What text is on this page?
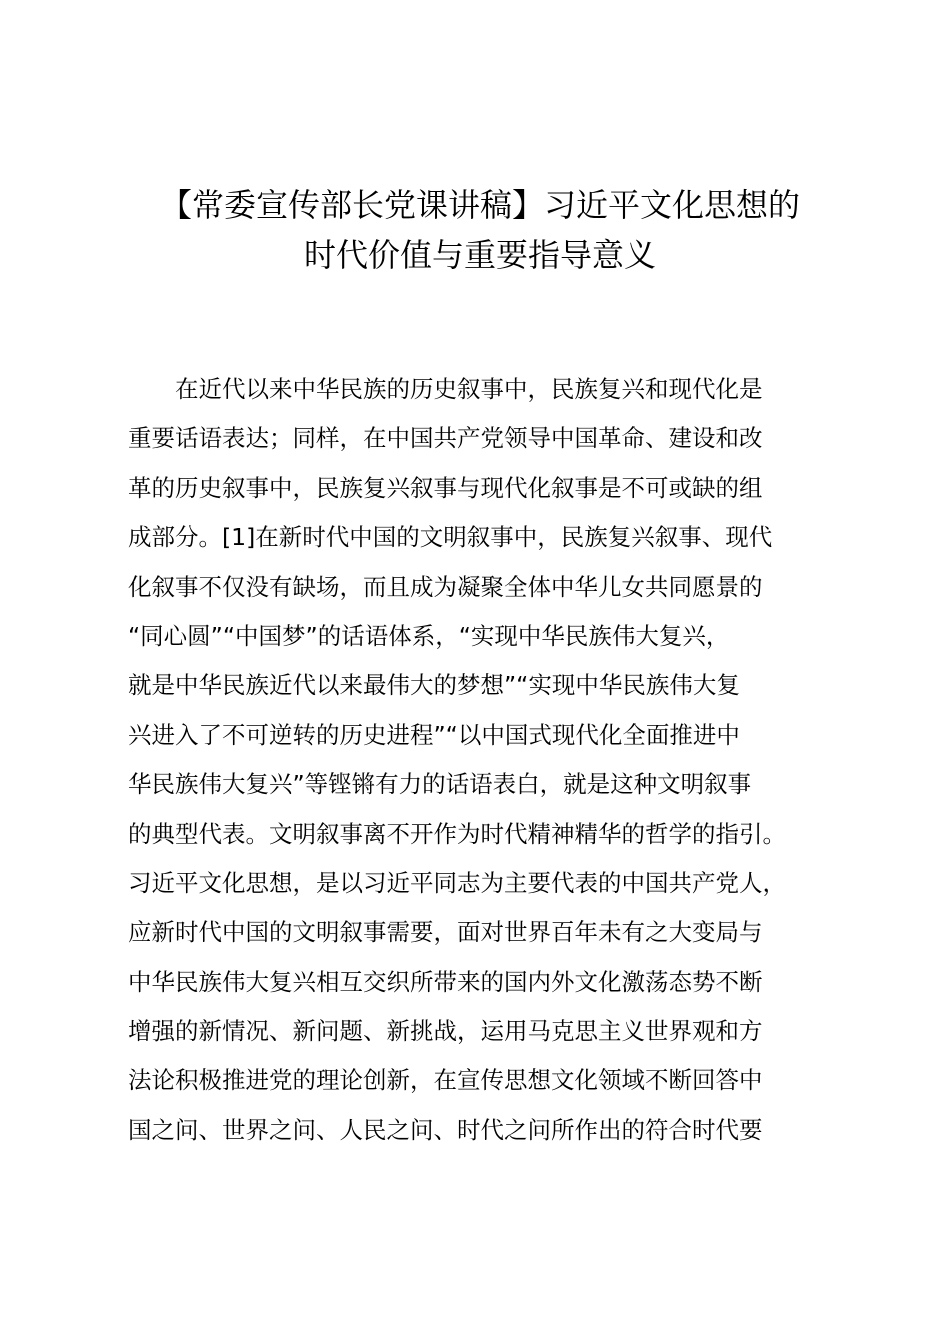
【常委宣传部长党课讲稿】习近平文化思想的
时代价值与重要指导意义
在近代以来中华民族的历史叙事中，民族复兴和现代化是
重要话语表达；同样，在中国共产党领导中国革命、建设和改
革的历史叙事中，民族复兴叙事与现代化叙事是不可或缺的组
成部分。[1]在新时代中国的文明叙事中，民族复兴叙事、现代
化叙事不仅没有缺场，而且成为凝聚全体中华儿女共同愿景的
“同心圆”“中国梦”的话语体系，“实现中华民族伟大复兴，
就是中华民族近代以来最伟大的梦想”“实现中华民族伟大复
兴进入了不可逆转的历史进程”“以中国式现代化全面推进中
华民族伟大复兴”等铿锵有力的话语表白，就是这种文明叙事
的典型代表。文明叙事离不开作为时代精神精华的哲学的指引。
习近平文化思想，是以习近平同志为主要代表的中国共产党人，
应新时代中国的文明叙事需要，面对世界百年未有之大变局与
中华民族伟大复兴相互交织所带来的国内外文化激荡态势不断
增强的新情况、新问题、新挑战，运用马克思主义世界观和方
法论积极推进党的理论创新，在宣传思想文化领域不断回答中
国之问、世界之问、人民之问、时代之问所作出的符合时代要
